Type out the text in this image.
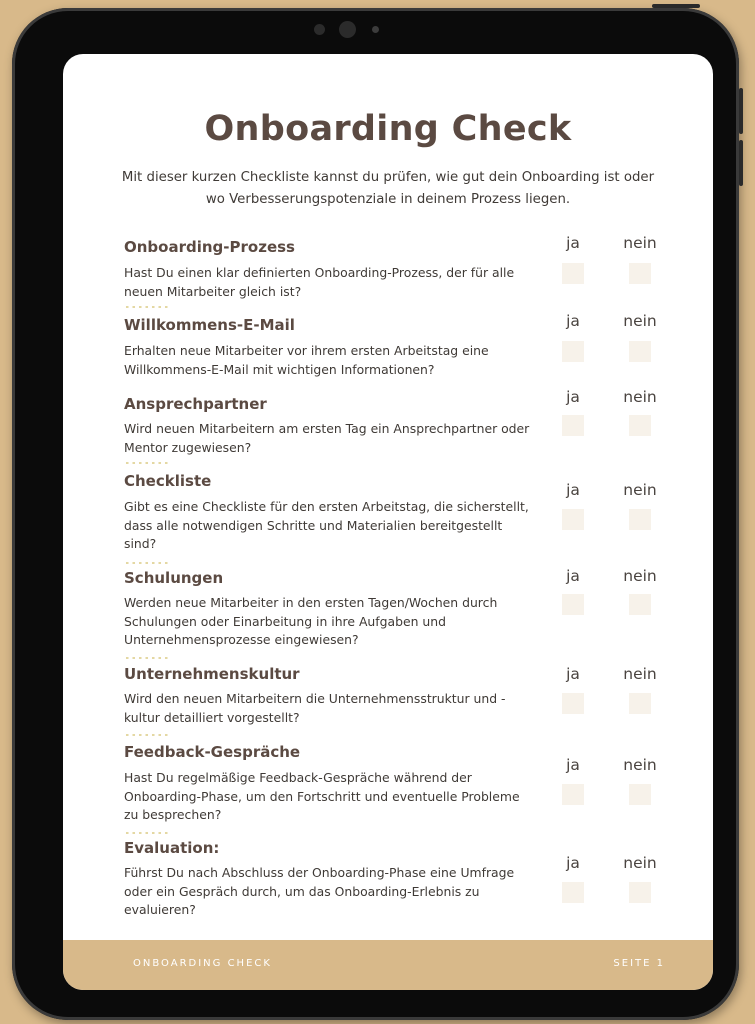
Onboarding Check

Mit dieser kurzen Checkliste kannst du prüfen, wie gut dein Onboarding ist oder wo Verbesserungspotenziale in deinem Prozess liegen.

Onboarding-Prozess

Hast Du einen klar definierten Onboarding-Prozess, der für alle neuen Mitarbeiter gleich ist?

ja	nein

Willkommens-E-Mail

Erhalten neue Mitarbeiter vor ihrem ersten Arbeitstag eine Willkommens-E-Mail mit wichtigen Informationen?

ja	nein

Ansprechpartner

Wird neuen Mitarbeitern am ersten Tag ein Ansprechpartner oder Mentor zugewiesen?

ja	nein

Checkliste

Gibt es eine Checkliste für den ersten Arbeitstag, die sicherstellt, dass alle notwendigen Schritte und Materialien bereitgestellt sind?

ja	nein

Schulungen

Werden neue Mitarbeiter in den ersten Tagen/Wochen durch Schulungen oder Einarbeitung in ihre Aufgaben und Unternehmensprozesse eingewiesen?

ja	nein

Unternehmenskultur

Wird den neuen Mitarbeitern die Unternehmensstruktur und -kultur detailliert vorgestellt?

ja	nein

Feedback-Gespräche

Hast Du regelmäßige Feedback-Gespräche während der Onboarding-Phase, um den Fortschritt und eventuelle Probleme zu besprechen?

ja	nein

Evaluation:

Führst Du nach Abschluss der Onboarding-Phase eine Umfrage oder ein Gespräch durch, um das Onboarding-Erlebnis zu evaluieren?

ja	nein

ONBOARDING CHECK	SEITE 1
